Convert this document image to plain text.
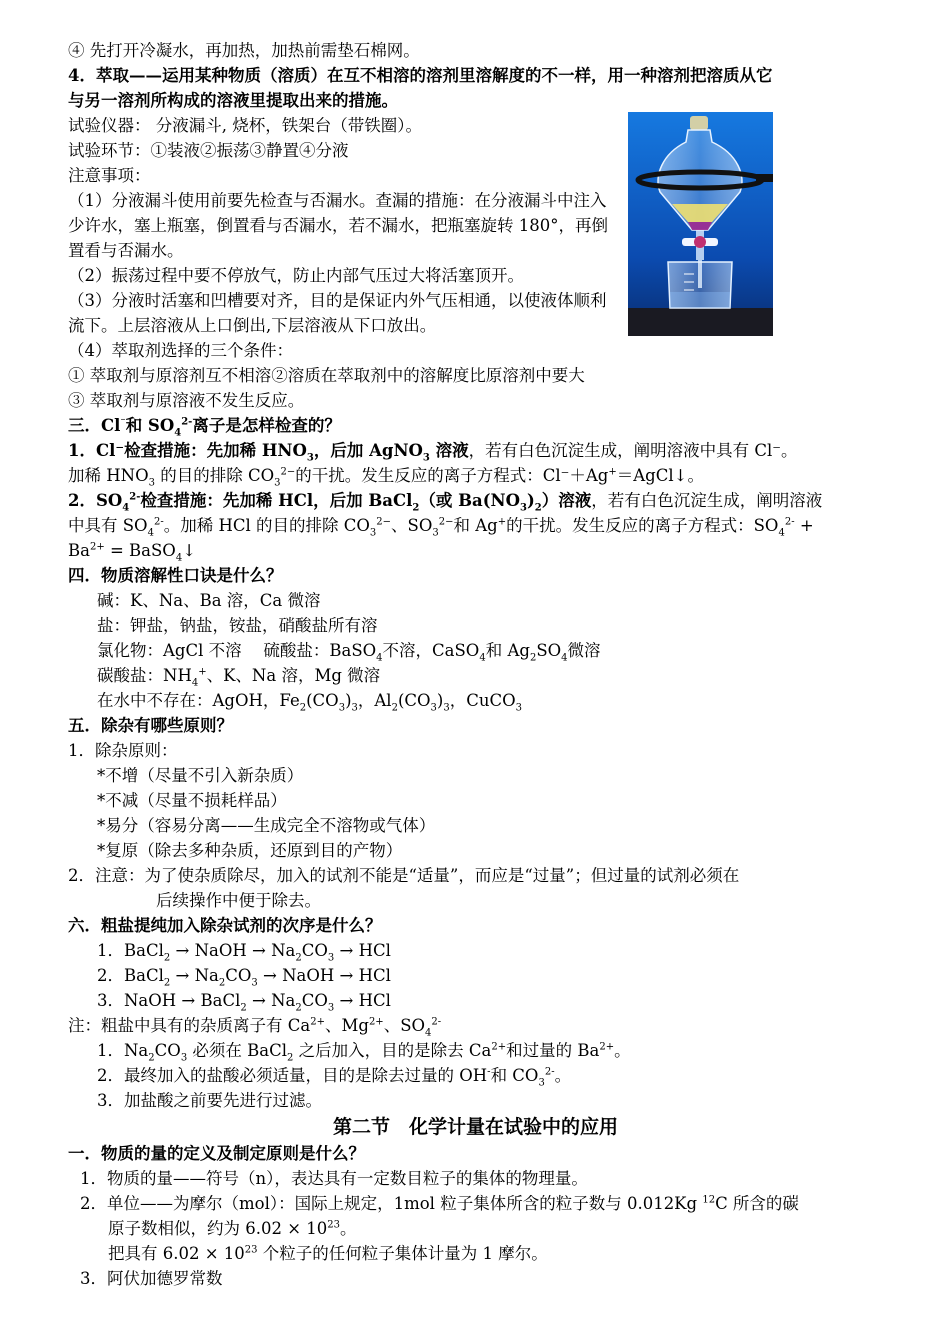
④ 先打开冷凝水，再加热，加热前需垫石棉网。
4．萃取——运用某种物质（溶质）在互不相溶的溶剂里溶解度的不一样，用一种溶剂把溶质从它
与另一溶剂所构成的溶液里提取出来的措施。
试验仪器： 分液漏斗, 烧杯，铁架台（带铁圈）。
试验环节：①装液②振荡③静置④分液
注意事项：
（1）分液漏斗使用前要先检查与否漏水。查漏的措施：在分液漏斗中注入少许水，塞上瓶塞，倒置看与否漏水，若不漏水，把瓶塞旋转 180°，再倒置看与否漏水。
（2）振荡过程中要不停放气，防止内部气压过大将活塞顶开。
（3）分液时活塞和凹槽要对齐，目的是保证内外气压相通，以使液体顺利流下。上层溶液从上口倒出,下层溶液从下口放出。
（4）萃取剂选择的三个条件：
① 萃取剂与原溶剂互不相溶②溶质在萃取剂中的溶解度比原溶剂中要大
③ 萃取剂与原溶液不发生反应。
三．Cl⁻和 $SO_4^{2-}$离子是怎样检查的？
1．Cl⁻检查措施：先加稀 $HNO_3$，后加 AgNO$_3$ 溶液，若有白色沉淀生成，阐明溶液中具有 Cl⁻。
加稀 $HNO_3$ 的目的排除 $CO_3^{2-}$的干扰。发生反应的离子方程式：Cl⁻＋Ag+＝AgCl↓。
2．$SO_4^{2-}$检查措施：先加稀 HCl，后加 BaCl$_2$（或 $Ba(NO_3)_2$）溶液，若有白色沉淀生成，阐明溶液
中具有 $SO_4^{2-}$。加稀 HCl 的目的排除 $CO_3^{2-}$、$SO_3^{2-}$和 Ag+的干扰。发生反应的离子方程式：$SO_4^{2-}$ +
$Ba^{2+}$ = BaSO$_4$↓
四．物质溶解性口诀是什么？
碱：K、Na、Ba 溶，Ca 微溶
盐：钾盐，钠盐，铵盐，硝酸盐所有溶
氯化物：AgCl 不溶　 硫酸盐：BaSO$_4$不溶，CaSO$_4$和 $Ag_2SO_4$微溶
碳酸盐：$NH_4^+$、K、Na 溶，Mg 微溶
在水中不存在：AgOH，$Fe_2(CO_3)_3$，$Al_2(CO_3)_3$，CuCO$_3$
五．除杂有哪些原则？
1．除杂原则：
*不增（尽量不引入新杂质）
*不减（尽量不损耗样品）
*易分（容易分离——生成完全不溶物或气体）
*复原（除去多种杂质，还原到目的产物）
2．注意：为了使杂质除尽，加入的试剂不能是“适量”，而应是“过量”；但过量的试剂必须在
后续操作中便于除去。
六．粗盐提纯加入除杂试剂的次序是什么？
1．BaCl$_2$ → NaOH → $Na_2CO_3$ → HCl
2．BaCl$_2$ → $Na_2CO_3$ → NaOH → HCl
3．NaOH → BaCl$_2$ → $Na_2CO_3$ → HCl
注：粗盐中具有的杂质离子有 $Ca^{2+}$、$Mg^{2+}$、$SO_4^{2-}$
1．$Na_2CO_3$ 必须在 BaCl$_2$ 之后加入，目的是除去 $Ca^{2+}$和过量的 $Ba^{2+}$。
2．最终加入的盐酸必须适量，目的是除去过量的 OH-和 $CO_3^{2-}$。
3．加盐酸之前要先进行过滤。
第二节　化学计量在试验中的应用
一．物质的量的定义及制定原则是什么？
1．物质的量——符号（n），表达具有一定数目粒子的集体的物理量。
2．单位——为摩尔（mol）：国际上规定，1mol 粒子集体所含的粒子数与 0.012Kg $^{12}$C 所含的碳
原子数相似，约为 $6.02 \times 10^{23}$。
把具有 $6.02 \times 10^{23}$ 个粒子的任何粒子集体计量为 1 摩尔。
3．阿伏加德罗常数
